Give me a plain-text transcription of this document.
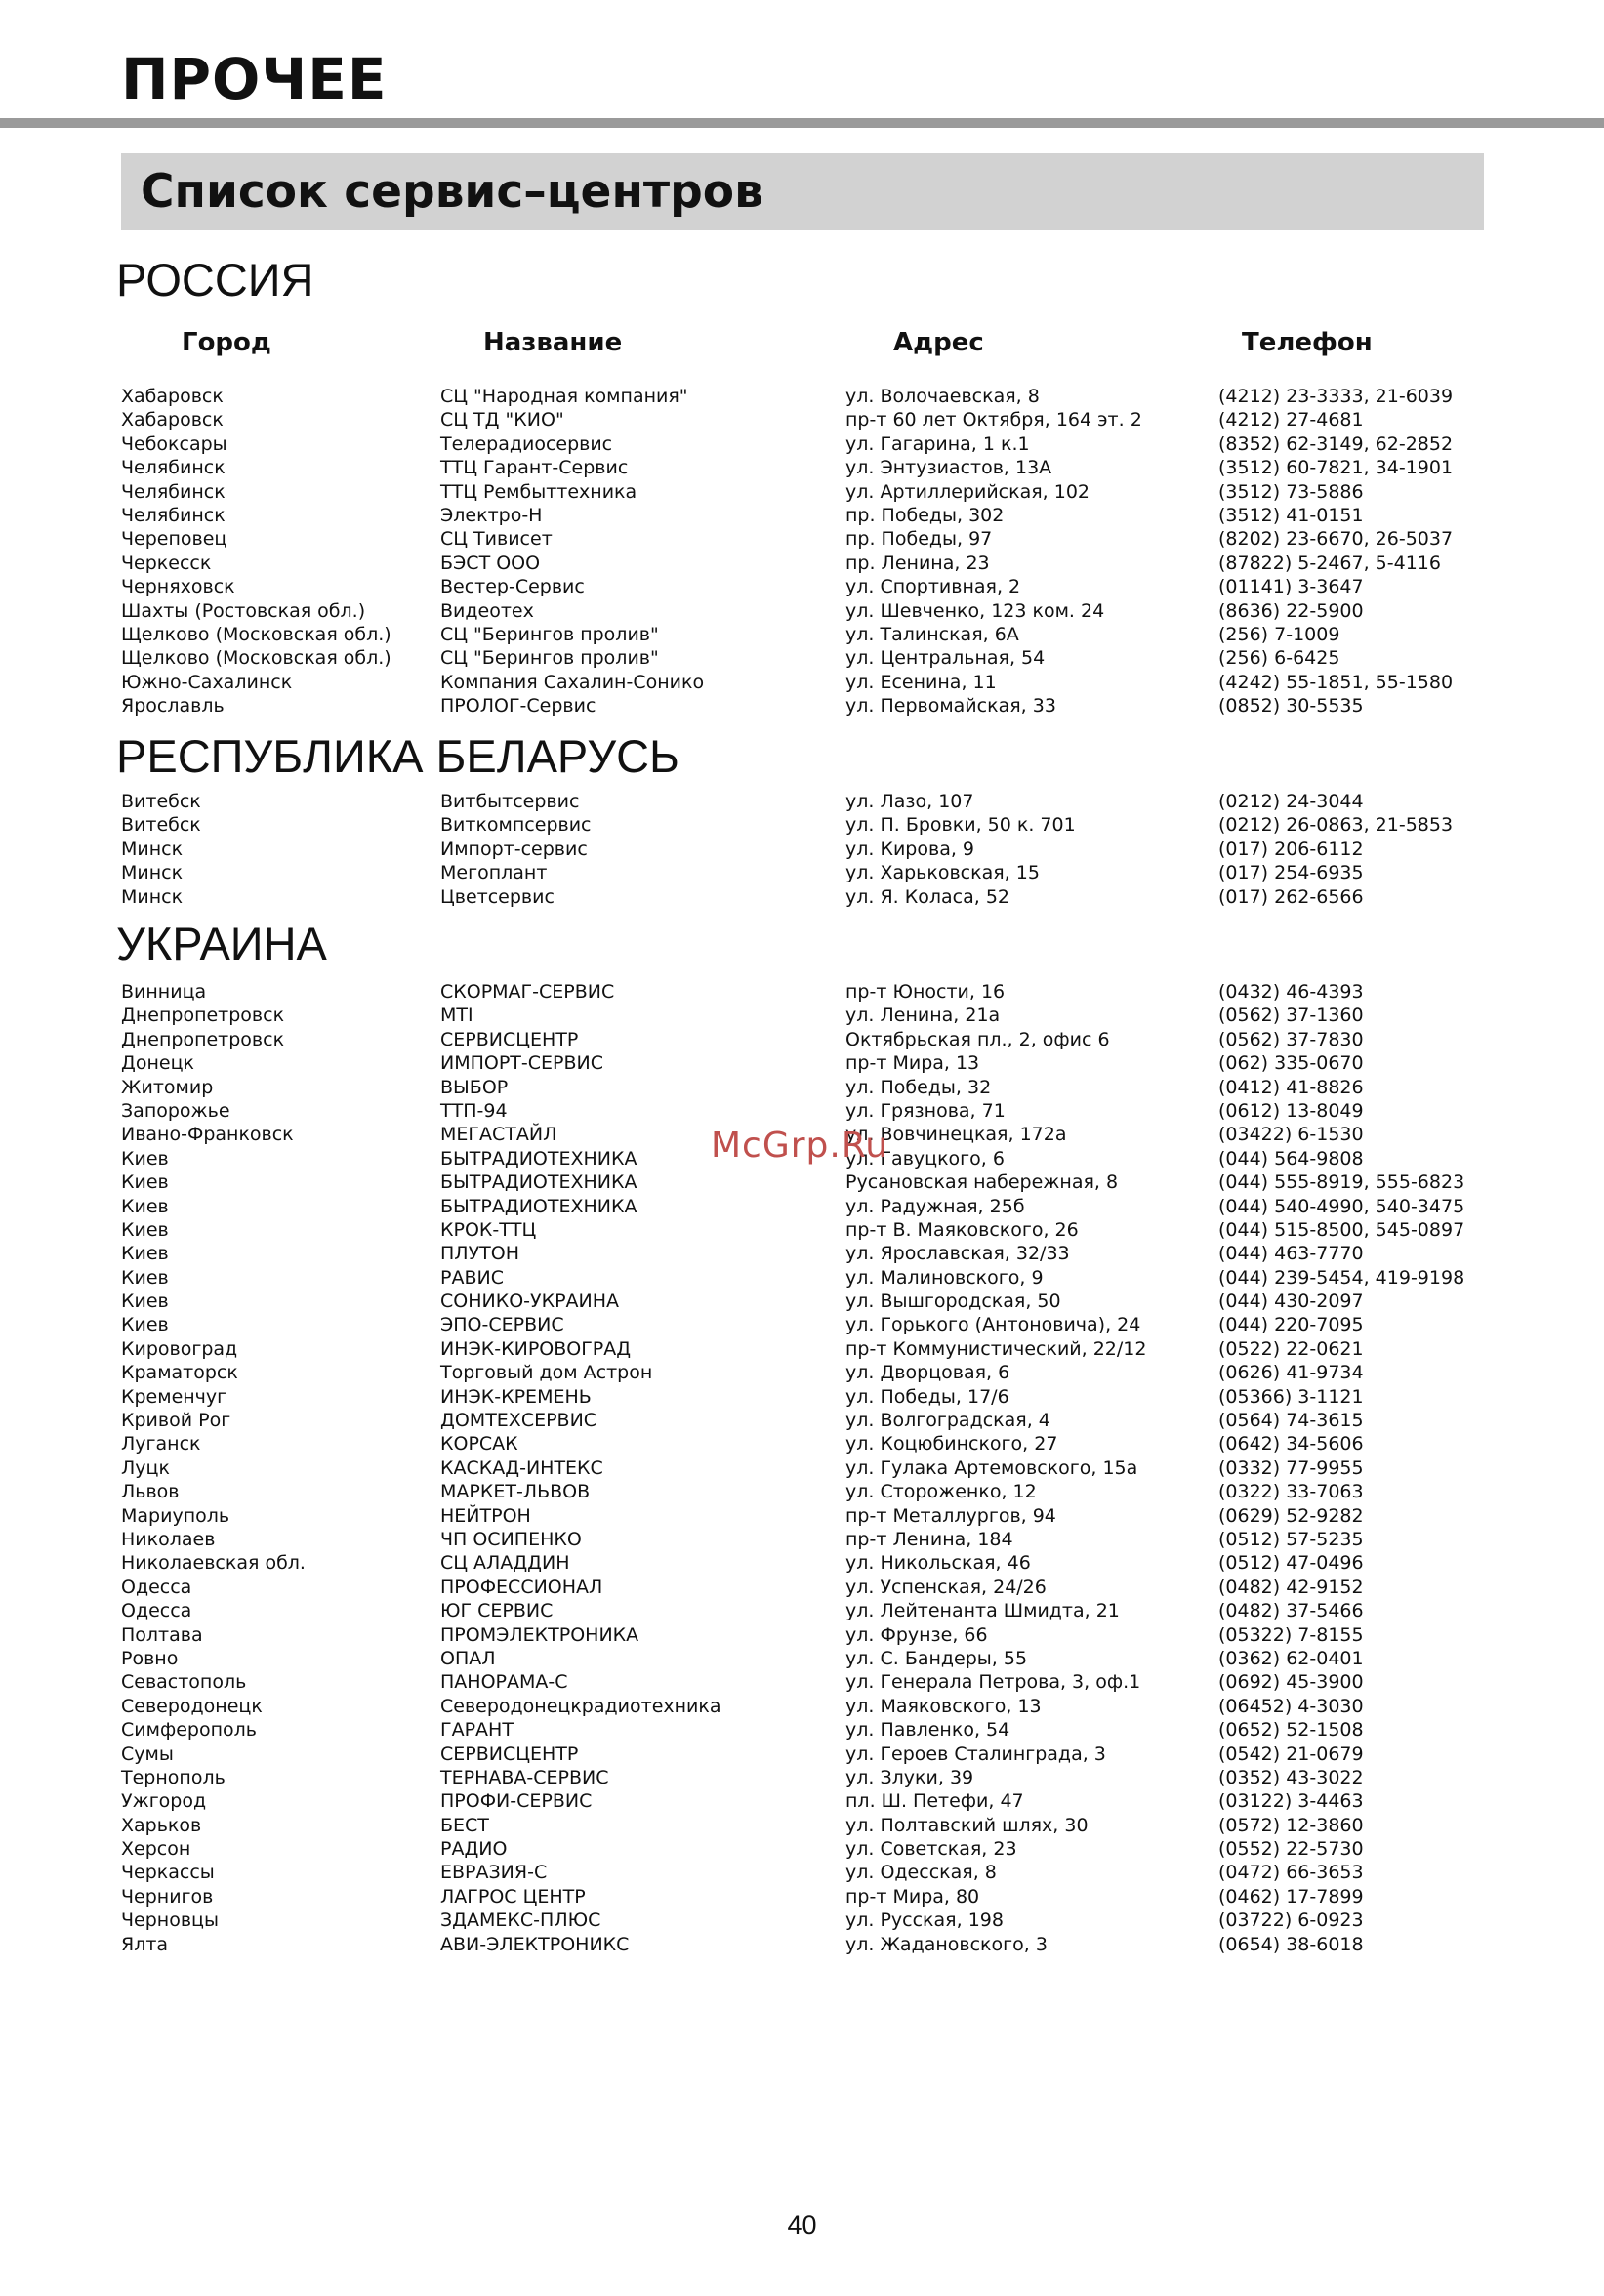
ПРОЧЕЕ
Список сервис–центров
РОССИЯ
Город	Название	Адрес	Телефон
Хабаровск	СЦ "Народная компания"	ул. Волочаевская, 8	(4212) 23-3333, 21-6039
Хабаровск	СЦ ТД "КИО"	пр-т 60 лет Октября, 164 эт. 2	(4212) 27-4681
Чебоксары	Телерадиосервис	ул. Гагарина, 1 к.1	(8352) 62-3149, 62-2852
Челябинск	ТТЦ Гарант-Сервис	ул. Энтузиастов, 13А	(3512) 60-7821, 34-1901
Челябинск	ТТЦ Рембыттехника	ул. Артиллерийская, 102	(3512) 73-5886
Челябинск	Электро-Н	пр. Победы, 302	(3512) 41-0151
Череповец	СЦ Тивисет	пр. Победы, 97	(8202) 23-6670, 26-5037
Черкесск	БЭСТ ООО	пр. Ленина, 23	(87822) 5-2467, 5-4116
Черняховск	Вестер-Сервис	ул. Спортивная, 2	(01141) 3-3647
Шахты (Ростовская обл.)	Видеотех	ул. Шевченко, 123 ком. 24	(8636) 22-5900
Щелково (Московская обл.)	СЦ "Берингов пролив"	ул. Талинская, 6А	(256) 7-1009
Щелково (Московская обл.)	СЦ "Берингов пролив"	ул. Центральная, 54	(256) 6-6425
Южно-Сахалинск	Компания Сахалин-Сонико	ул. Есенина, 11	(4242) 55-1851, 55-1580
Ярославль	ПРОЛОГ-Сервис	ул. Первомайская, 33	(0852) 30-5535
РЕСПУБЛИКА БЕЛАРУСЬ
Витебск	Витбытсервис	ул. Лазо, 107	(0212) 24-3044
Витебск	Виткомпсервис	ул. П. Бровки, 50 к. 701	(0212) 26-0863, 21-5853
Минск	Импорт-сервис	ул. Кирова, 9	(017) 206-6112
Минск	Мегоплант	ул. Харьковская, 15	(017) 254-6935
Минск	Цветсервис	ул. Я. Коласа, 52	(017) 262-6566
УКРАИНА
Винница	СКОРМАГ-СЕРВИС	пр-т Юности, 16	(0432) 46-4393
Днепропетровск	MTI	ул. Ленина, 21а	(0562) 37-1360
Днепропетровск	СЕРВИСЦЕНТР	Октябрьская пл., 2, офис 6	(0562) 37-7830
Донецк	ИМПОРТ-СЕРВИС	пр-т Мира, 13	(062) 335-0670
Житомир	ВЫБОР	ул. Победы, 32	(0412) 41-8826
Запорожье	ТТП-94	ул. Грязнова, 71	(0612) 13-8049
Ивано-Франковск	МЕГАСТАЙЛ	ул. Вовчинецкая, 172а	(03422) 6-1530
Киев	БЫТРАДИОТЕХНИКА	ул. Гавуцкого, 6	(044) 564-9808
Киев	БЫТРАДИОТЕХНИКА	Русановская набережная, 8	(044) 555-8919, 555-6823
Киев	БЫТРАДИОТЕХНИКА	ул. Радужная, 25б	(044) 540-4990, 540-3475
Киев	КРОК-ТТЦ	пр-т В. Маяковского, 26	(044) 515-8500, 545-0897
Киев	ПЛУТОН	ул. Ярославская, 32/33	(044) 463-7770
Киев	РАВИС	ул. Малиновского, 9	(044) 239-5454, 419-9198
Киев	СОНИКО-УКРАИНА	ул. Вышгородская, 50	(044) 430-2097
Киев	ЭПО-СЕРВИС	ул. Горького (Антоновича), 24	(044) 220-7095
Кировоград	ИНЭК-КИРОВОГРАД	пр-т Коммунистический, 22/12	(0522) 22-0621
Краматорск	Торговый дом Астрон	ул. Дворцовая, 6	(0626) 41-9734
Кременчуг	ИНЭК-КРЕМЕНЬ	ул. Победы, 17/6	(05366) 3-1121
Кривой Рог	ДОМТЕХСЕРВИС	ул. Волгоградская, 4	(0564) 74-3615
Луганск	КОРСАК	ул. Коцюбинского, 27	(0642) 34-5606
Луцк	КАСКАД-ИНТЕКС	ул. Гулака Артемовского, 15а	(0332) 77-9955
Львов	МАРКЕТ-ЛЬВОВ	ул. Стороженко, 12	(0322) 33-7063
Мариуполь	НЕЙТРОН	пр-т Металлургов, 94	(0629) 52-9282
Николаев	ЧП ОСИПЕНКО	пр-т Ленина, 184	(0512) 57-5235
Николаевская обл.	СЦ АЛАДДИН	ул. Никольская, 46	(0512) 47-0496
Одесса	ПРОФЕССИОНАЛ	ул. Успенская, 24/26	(0482) 42-9152
Одесса	ЮГ СЕРВИС	ул. Лейтенанта Шмидта, 21	(0482) 37-5466
Полтава	ПРОМЭЛЕКТРОНИКА	ул. Фрунзе, 66	(05322) 7-8155
Ровно	ОПАЛ	ул. С. Бандеры, 55	(0362) 62-0401
Севастополь	ПАНОРАМА-С	ул. Генерала Петрова, 3, оф.1	(0692) 45-3900
Северодонецк	Северодонецкрадиотехника	ул. Маяковского, 13	(06452) 4-3030
Симферополь	ГАРАНТ	ул. Павленко, 54	(0652) 52-1508
Сумы	СЕРВИСЦЕНТР	ул. Героев Сталинграда, 3	(0542) 21-0679
Тернополь	ТЕРНАВА-СЕРВИС	ул. Злуки, 39	(0352) 43-3022
Ужгород	ПРОФИ-СЕРВИС	пл. Ш. Петефи, 47	(03122) 3-4463
Харьков	БЕСТ	ул. Полтавский шлях, 30	(0572) 12-3860
Херсон	РАДИО	ул. Советская, 23	(0552) 22-5730
Черкассы	ЕВРАЗИЯ-С	ул. Одесская, 8	(0472) 66-3653
Чернигов	ЛАГРОС ЦЕНТР	пр-т Мира, 80	(0462) 17-7899
Черновцы	ЗДАМЕКС-ПЛЮС	ул. Русская, 198	(03722) 6-0923
Ялта	АВИ-ЭЛЕКТРОНИКС	ул. Жадановского, 3	(0654) 38-6018
McGrp.Ru
40
